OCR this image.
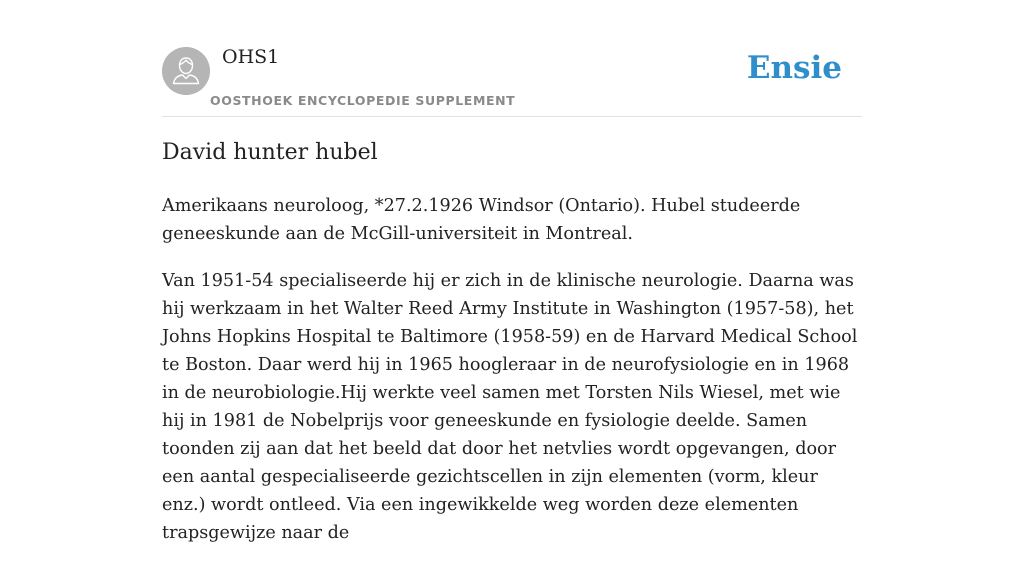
OHS1
OOSTHOEK ENCYCLOPEDIE SUPPLEMENT
Ensie
David hunter hubel

Amerikaans neuroloog, *27.2.1926 Windsor (Ontario). Hubel studeerde geneeskunde aan de McGill-universiteit in Montreal.

Van 1951-54 specialiseerde hij er zich in de klinische neurologie. Daarna was hij werkzaam in het Walter Reed Army Institute in Washington (1957-58), het Johns Hopkins Hospital te Baltimore (1958-59) en de Harvard Medical School te Boston. Daar werd hij in 1965 hoogleraar in de neurofysiologie en in 1968 in de neurobiologie.Hij werkte veel samen met Torsten Nils Wiesel, met wie hij in 1981 de Nobelprijs voor geneeskunde en fysiologie deelde. Samen toonden zij aan dat het beeld dat door het netvlies wordt opgevangen, door een aantal gespecialiseerde gezichtscellen in zijn elementen (vorm, kleur enz.) wordt ontleed. Via een ingewikkelde weg worden deze elementen trapsgewijze naar de
